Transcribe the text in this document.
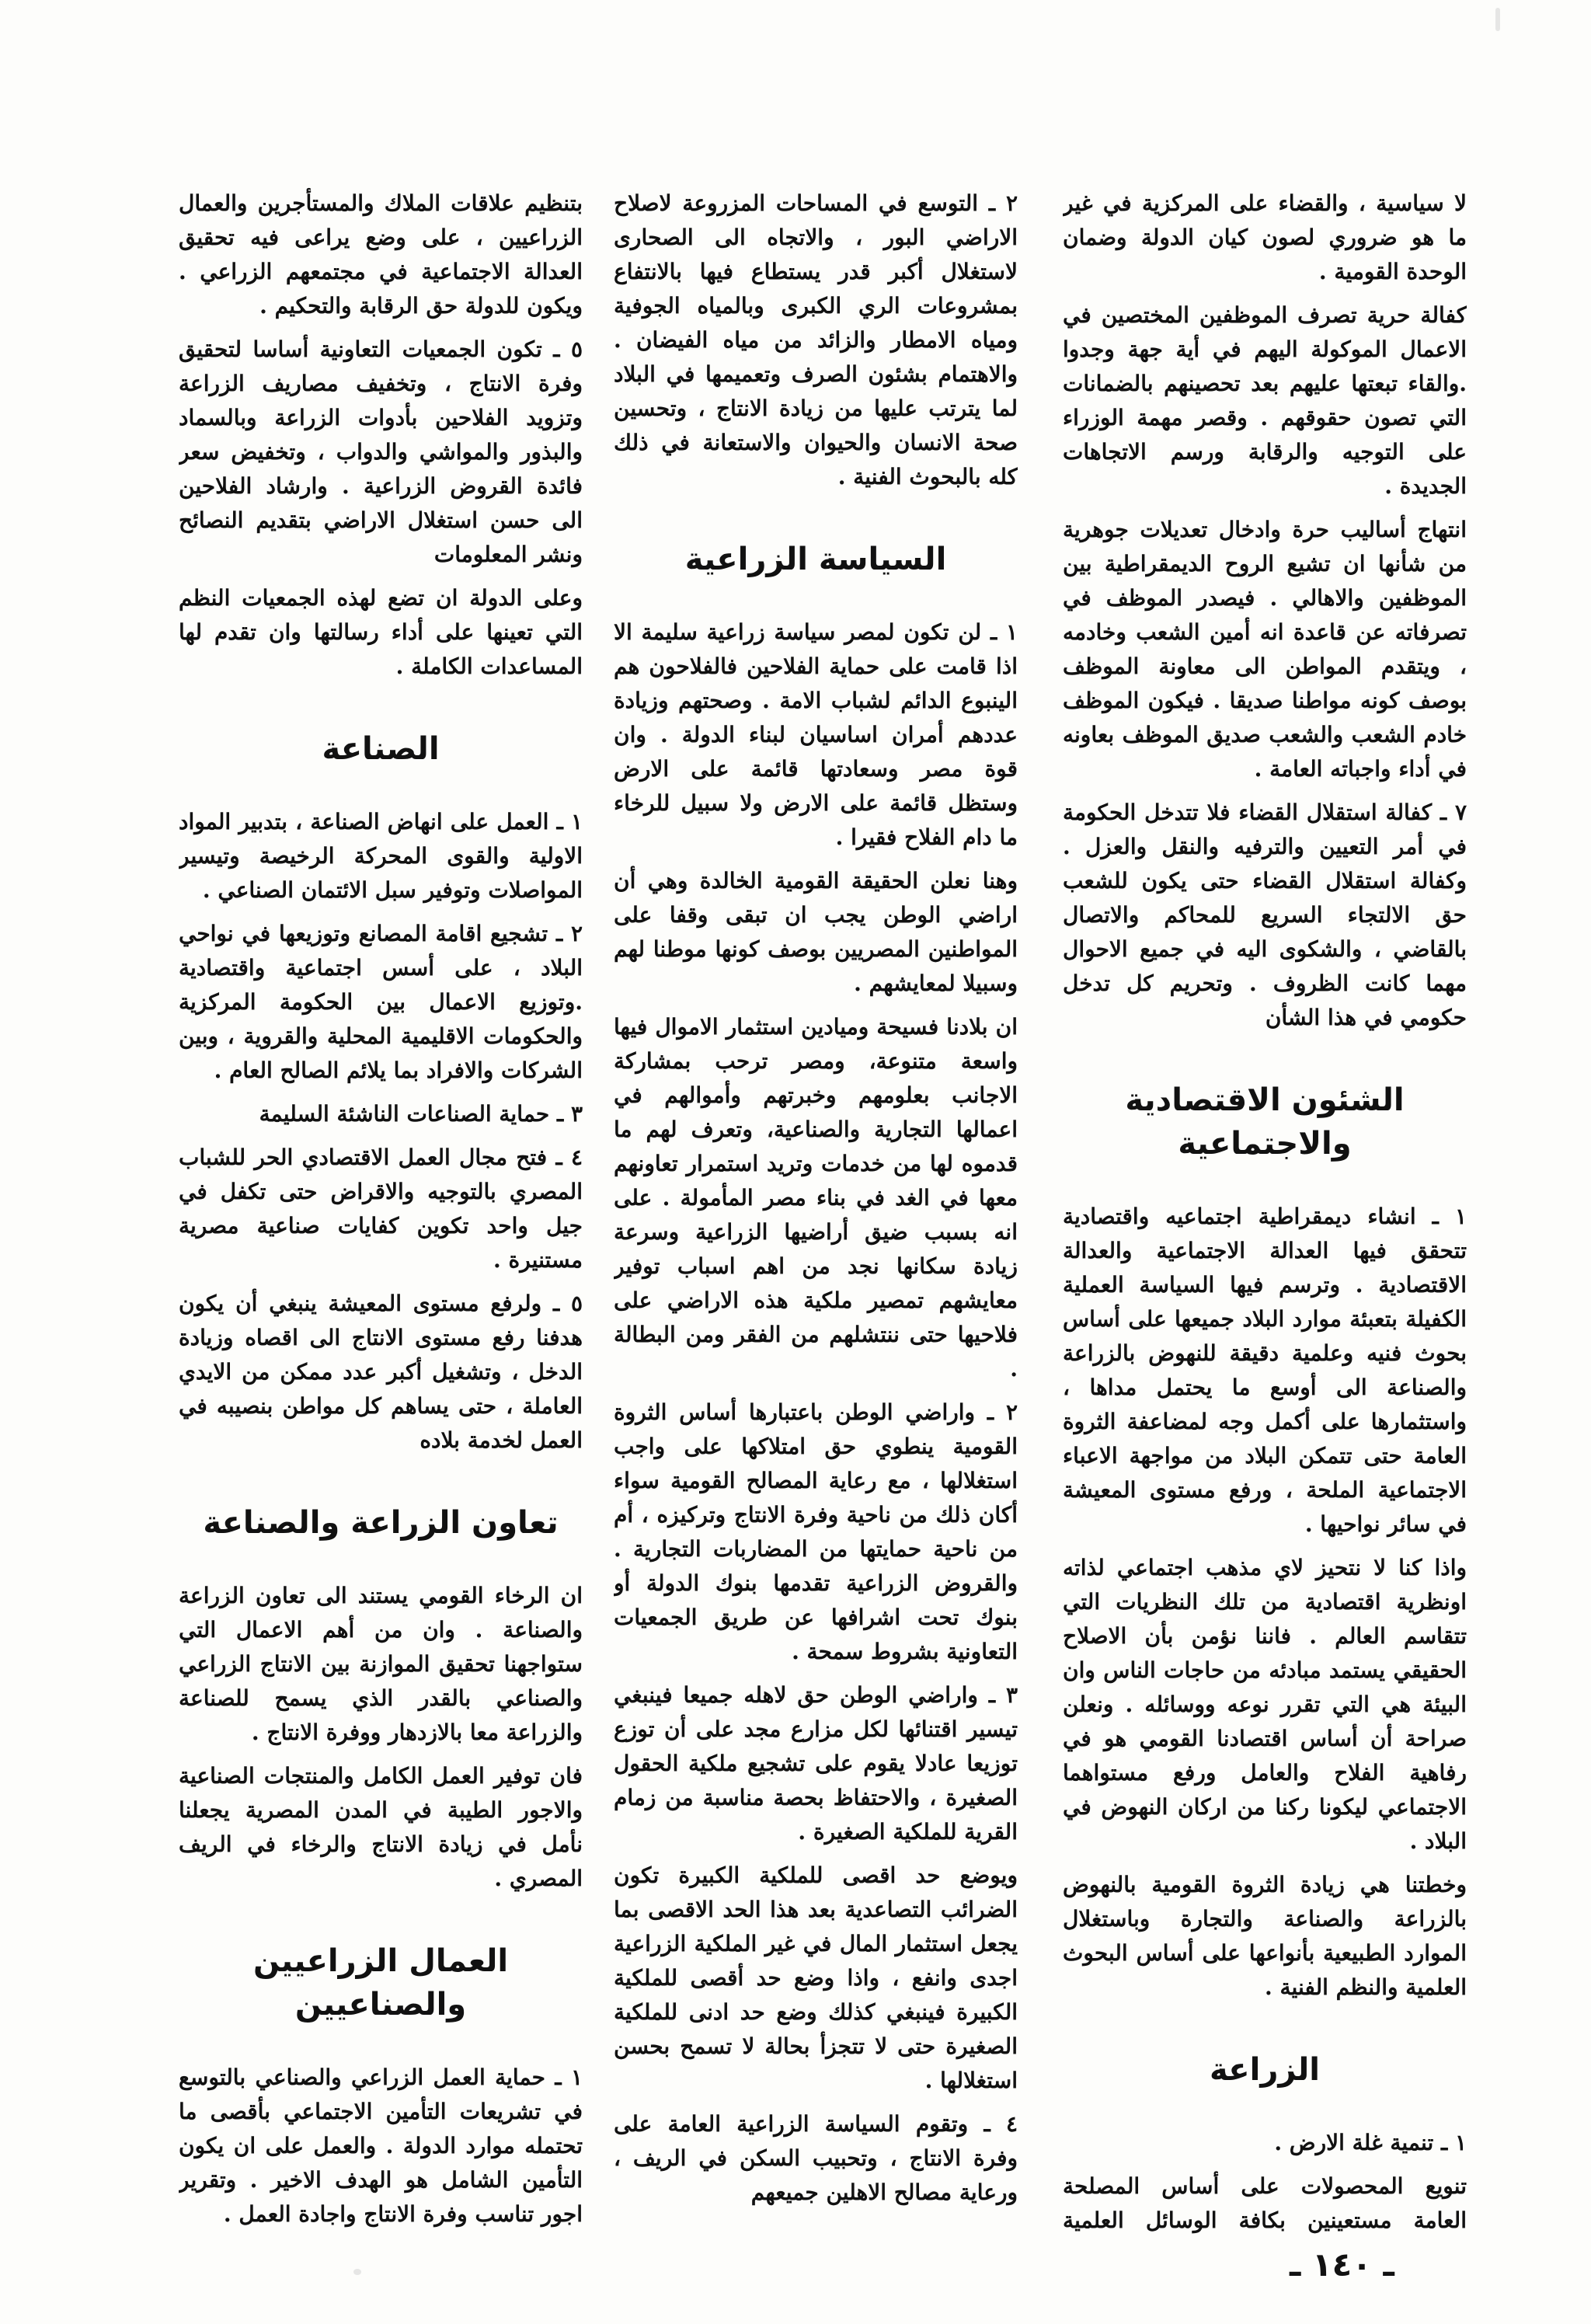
لا سياسية ، والقضاء على المركزية في غير ما هو ضروري لصون كيان الدولة وضمان الوحدة القومية .

كفالة حرية تصرف الموظفين المختصين في الاعمال الموكولة اليهم في أية جهة وجدوا .والقاء تبعتها عليهم بعد تحصينهم بالضمانات التي تصون حقوقهم . وقصر مهمة الوزراء على التوجيه والرقابة ورسم الاتجاهات الجديدة .

انتهاج أساليب حرة وادخال تعديلات جوهرية من شأنها ان تشيع الروح الديمقراطية بين الموظفين والاهالي . فيصدر الموظف في تصرفاته عن قاعدة انه أمين الشعب وخادمه ، ويتقدم المواطن الى معاونة الموظف بوصف كونه مواطنا صديقا . فيكون الموظف خادم الشعب والشعب صديق الموظف بعاونه في أداء واجباته العامة .

٧ ـ كفالة استقلال القضاء فلا تتدخل الحكومة في أمر التعيين والترفيه والنقل والعزل . وكفالة استقلال القضاء حتى يكون للشعب حق الالتجاء السريع للمحاكم والاتصال بالقاضي ، والشكوى اليه في جميع الاحوال مهما كانت الظروف . وتحريم كل تدخل حكومي في هذا الشأن

الشئون الاقتصادية والاجتماعية

١ ـ انشاء ديمقراطية اجتماعيه واقتصادية تتحقق فيها العدالة الاجتماعية والعدالة الاقتصادية . وترسم فيها السياسة العملية الكفيلة بتعبئة موارد البلاد جميعها على أساس بحوث فنيه وعلمية دقيقة للنهوض بالزراعة والصناعة الى أوسع ما يحتمل مداها ، واستثمارها على أكمل وجه لمضاعفة الثروة العامة حتى تتمكن البلاد من مواجهة الاعباء الاجتماعية الملحة ، ورفع مستوى المعيشة في سائر نواحيها .

واذا كنا لا نتحيز لاي مذهب اجتماعي لذاته اونظرية اقتصادية من تلك النظريات التي تتقاسم العالم . فاننا نؤمن بأن الاصلاح الحقيقي يستمد مبادئه من حاجات الناس وان البيئة هي التي تقرر نوعه ووسائله . ونعلن صراحة أن أساس اقتصادنا القومي هو في رفاهية الفلاح والعامل ورفع مستواهما الاجتماعي ليكونا ركنا من اركان النهوض في البلاد .

وخطتنا هي زيادة الثروة القومية بالنهوض بالزراعة والصناعة والتجارة وباستغلال الموارد الطبيعية بأنواعها على أساس البحوث العلمية والنظم الفنية .

الزراعة

١ ـ تنمية غلة الارض .

تنويع المحصولات على أساس المصلحة العامة مستعينين بكافة الوسائل العلمية

٢ ـ التوسع في المساحات المزروعة لاصلاح الاراضي البور ، والاتجاه الى الصحارى لاستغلال أكبر قدر يستطاع فيها بالانتفاع بمشروعات الري الكبرى وبالمياه الجوفية ومياه الامطار والزائد من مياه الفيضان . والاهتمام بشئون الصرف وتعميمها في البلاد لما يترتب عليها من زيادة الانتاج ، وتحسين صحة الانسان والحيوان والاستعانة في ذلك كله بالبحوث الفنية .

السياسة الزراعية

١ ـ لن تكون لمصر سياسة زراعية سليمة الا اذا قامت على حماية الفلاحين فالفلاحون هم الينبوع الدائم لشباب الامة . وصحتهم وزيادة عددهم أمران اساسيان لبناء الدولة . وان قوة مصر وسعادتها قائمة على الارض وستظل قائمة على الارض ولا سبيل للرخاء ما دام الفلاح فقيرا .

وهنا نعلن الحقيقة القومية الخالدة وهي أن اراضي الوطن يجب ان تبقى وقفا على المواطنين المصريين بوصف كونها موطنا لهم وسبيلا لمعايشهم .

ان بلادنا فسيحة وميادين استثمار الاموال فيها واسعة متنوعة، ومصر ترحب بمشاركة الاجانب بعلومهم وخبرتهم وأموالهم في اعمالها التجارية والصناعية، وتعرف لهم ما قدموه لها من خدمات وتريد استمرار تعاونهم معها في الغد في بناء مصر المأمولة . على انه بسبب ضيق أراضيها الزراعية وسرعة زيادة سكانها نجد من اهم اسباب توفير معايشهم تمصير ملكية هذه الاراضي على فلاحيها حتى ننتشلهم من الفقر ومن البطالة .

٢ ـ واراضي الوطن باعتبارها أساس الثروة القومية ينطوي حق امتلاكها على واجب استغلالها ، مع رعاية المصالح القومية سواء أكان ذلك من ناحية وفرة الانتاج وتركيزه ، أم من ناحية حمايتها من المضاربات التجارية . والقروض الزراعية تقدمها بنوك الدولة أو بنوك تحت اشرافها عن طريق الجمعيات التعاونية بشروط سمحة .

٣ ـ واراضي الوطن حق لاهله جميعا فينبغي تيسير اقتنائها لكل مزارع مجد على أن توزع توزيعا عادلا يقوم على تشجيع ملكية الحقول الصغيرة ، والاحتفاظ بحصة مناسبة من زمام القرية للملكية الصغيرة .

ويوضع حد اقصى للملكية الكبيرة تكون الضرائب التصاعدية بعد هذا الحد الاقصى بما يجعل استثمار المال في غير الملكية الزراعية اجدى وانفع ، واذا وضع حد أقصى للملكية الكبيرة فينبغي كذلك وضع حد ادنى للملكية الصغيرة حتى لا تتجزأ بحالة لا تسمح بحسن استغلالها .

٤ ـ وتقوم السياسة الزراعية العامة على وفرة الانتاج ، وتحبيب السكن في الريف ، ورعاية مصالح الاهلين جميعهم

بتنظيم علاقات الملاك والمستأجرين والعمال الزراعيين ، على وضع يراعى فيه تحقيق العدالة الاجتماعية في مجتمعهم الزراعي . ويكون للدولة حق الرقابة والتحكيم .

٥ ـ تكون الجمعيات التعاونية أساسا لتحقيق وفرة الانتاج ، وتخفيف مصاريف الزراعة وتزويد الفلاحين بأدوات الزراعة وبالسماد والبذور والمواشي والدواب ، وتخفيض سعر فائدة القروض الزراعية . وارشاد الفلاحين الى حسن استغلال الاراضي بتقديم النصائح ونشر المعلومات

وعلى الدولة ان تضع لهذه الجمعيات النظم التي تعينها على أداء رسالتها وان تقدم لها المساعدات الكاملة .

الصناعة

١ ـ العمل على انهاض الصناعة ، بتدبير المواد الاولية والقوى المحركة الرخيصة وتيسير المواصلات وتوفير سبل الائتمان الصناعي .

٢ ـ تشجيع اقامة المصانع وتوزيعها في نواحي البلاد ، على أسس اجتماعية واقتصادية .وتوزيع الاعمال بين الحكومة المركزية والحكومات الاقليمية المحلية والقروية ، وبين الشركات والافراد بما يلائم الصالح العام .

٣ ـ حماية الصناعات الناشئة السليمة

٤ ـ فتح مجال العمل الاقتصادي الحر للشباب المصري بالتوجيه والاقراض حتى تكفل في جيل واحد تكوين كفايات صناعية مصرية مستنيرة .

٥ ـ ولرفع مستوى المعيشة ينبغي أن يكون هدفنا رفع مستوى الانتاج الى اقصاه وزيادة الدخل ، وتشغيل أكبر عدد ممكن من الايدي العاملة ، حتى يساهم كل مواطن بنصيبه في العمل لخدمة بلاده

تعاون الزراعة والصناعة

ان الرخاء القومي يستند الى تعاون الزراعة والصناعة . وان من أهم الاعمال التي ستواجهنا تحقيق الموازنة بين الانتاج الزراعي والصناعي بالقدر الذي يسمح للصناعة والزراعة معا بالازدهار ووفرة الانتاج .

فان توفير العمل الكامل والمنتجات الصناعية والاجور الطيبة في المدن المصرية يجعلنا نأمل في زيادة الانتاج والرخاء في الريف المصري .

العمال الزراعيين والصناعيين

١ ـ حماية العمل الزراعي والصناعي بالتوسع في تشريعات التأمين الاجتماعي بأقصى ما تحتمله موارد الدولة . والعمل على ان يكون التأمين الشامل هو الهدف الاخير . وتقرير اجور تناسب وفرة الانتاج واجادة العمل .

ـ ١٤٠ ـ
